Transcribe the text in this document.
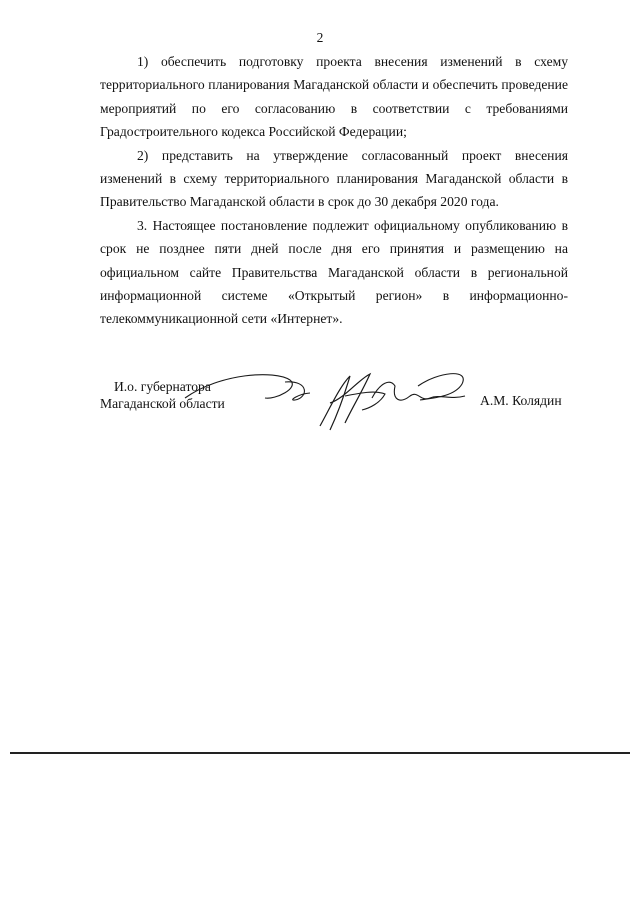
2

1) обеспечить подготовку проекта внесения изменений в схему территориального планирования Магаданской области и обеспечить проведение мероприятий по его согласованию в соответствии с требованиями Градостроительного кодекса Российской Федерации;

2) представить на утверждение согласованный проект внесения изменений в схему территориального планирования Магаданской области в Правительство Магаданской области в срок до 30 декабря 2020 года.

3. Настоящее постановление подлежит официальному опубликованию в срок не позднее пяти дней после дня его принятия и размещению на официальном сайте Правительства Магаданской области в региональной информационной системе «Открытый регион» в информационно-телекоммуникационной сети «Интернет».

И.о. губернатора
Магаданской области	А.М. Колядин
